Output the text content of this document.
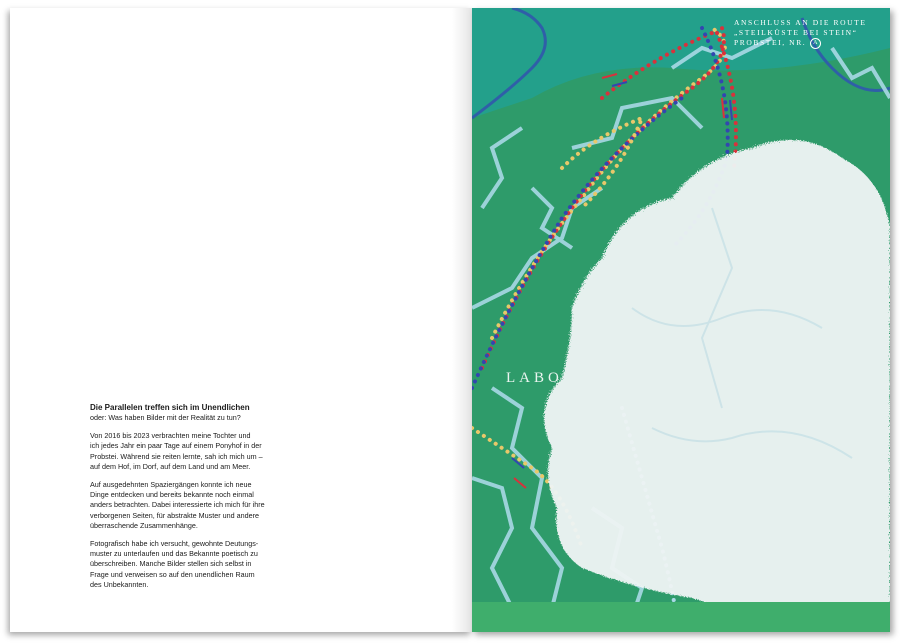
Die Parallelen treffen sich im Unendlichen

oder: Was haben Bilder mit der Realität zu tun?

Von 2016 bis 2023 verbrachten meine Tochter und
ich jedes Jahr ein paar Tage auf einem Ponyhof in der
Probstei. Während sie reiten lernte, sah ich mich um –
auf dem Hof, im Dorf, auf dem Land und am Meer.

Auf ausgedehnten Spaziergängen konnte ich neue
Dinge entdecken und bereits bekannte noch einmal
anders betrachten. Dabei interessierte ich mich für ihre
verborgenen Seiten, für abstrakte Muster und andere
überraschende Zusammenhänge.

Fotografisch habe ich versucht, gewohnte Deutungs-
muster zu unterlaufen und das Bekannte poetisch zu
überschreiben. Manche Bilder stellen sich selbst in
Frage und verweisen so auf den unendlichen Raum
des Unbekannten.

ANSCHLUSS AN DIE ROUTE
„STEILKÜSTE BEI STEIN“
PROBSTEI, NR. A
LABO
